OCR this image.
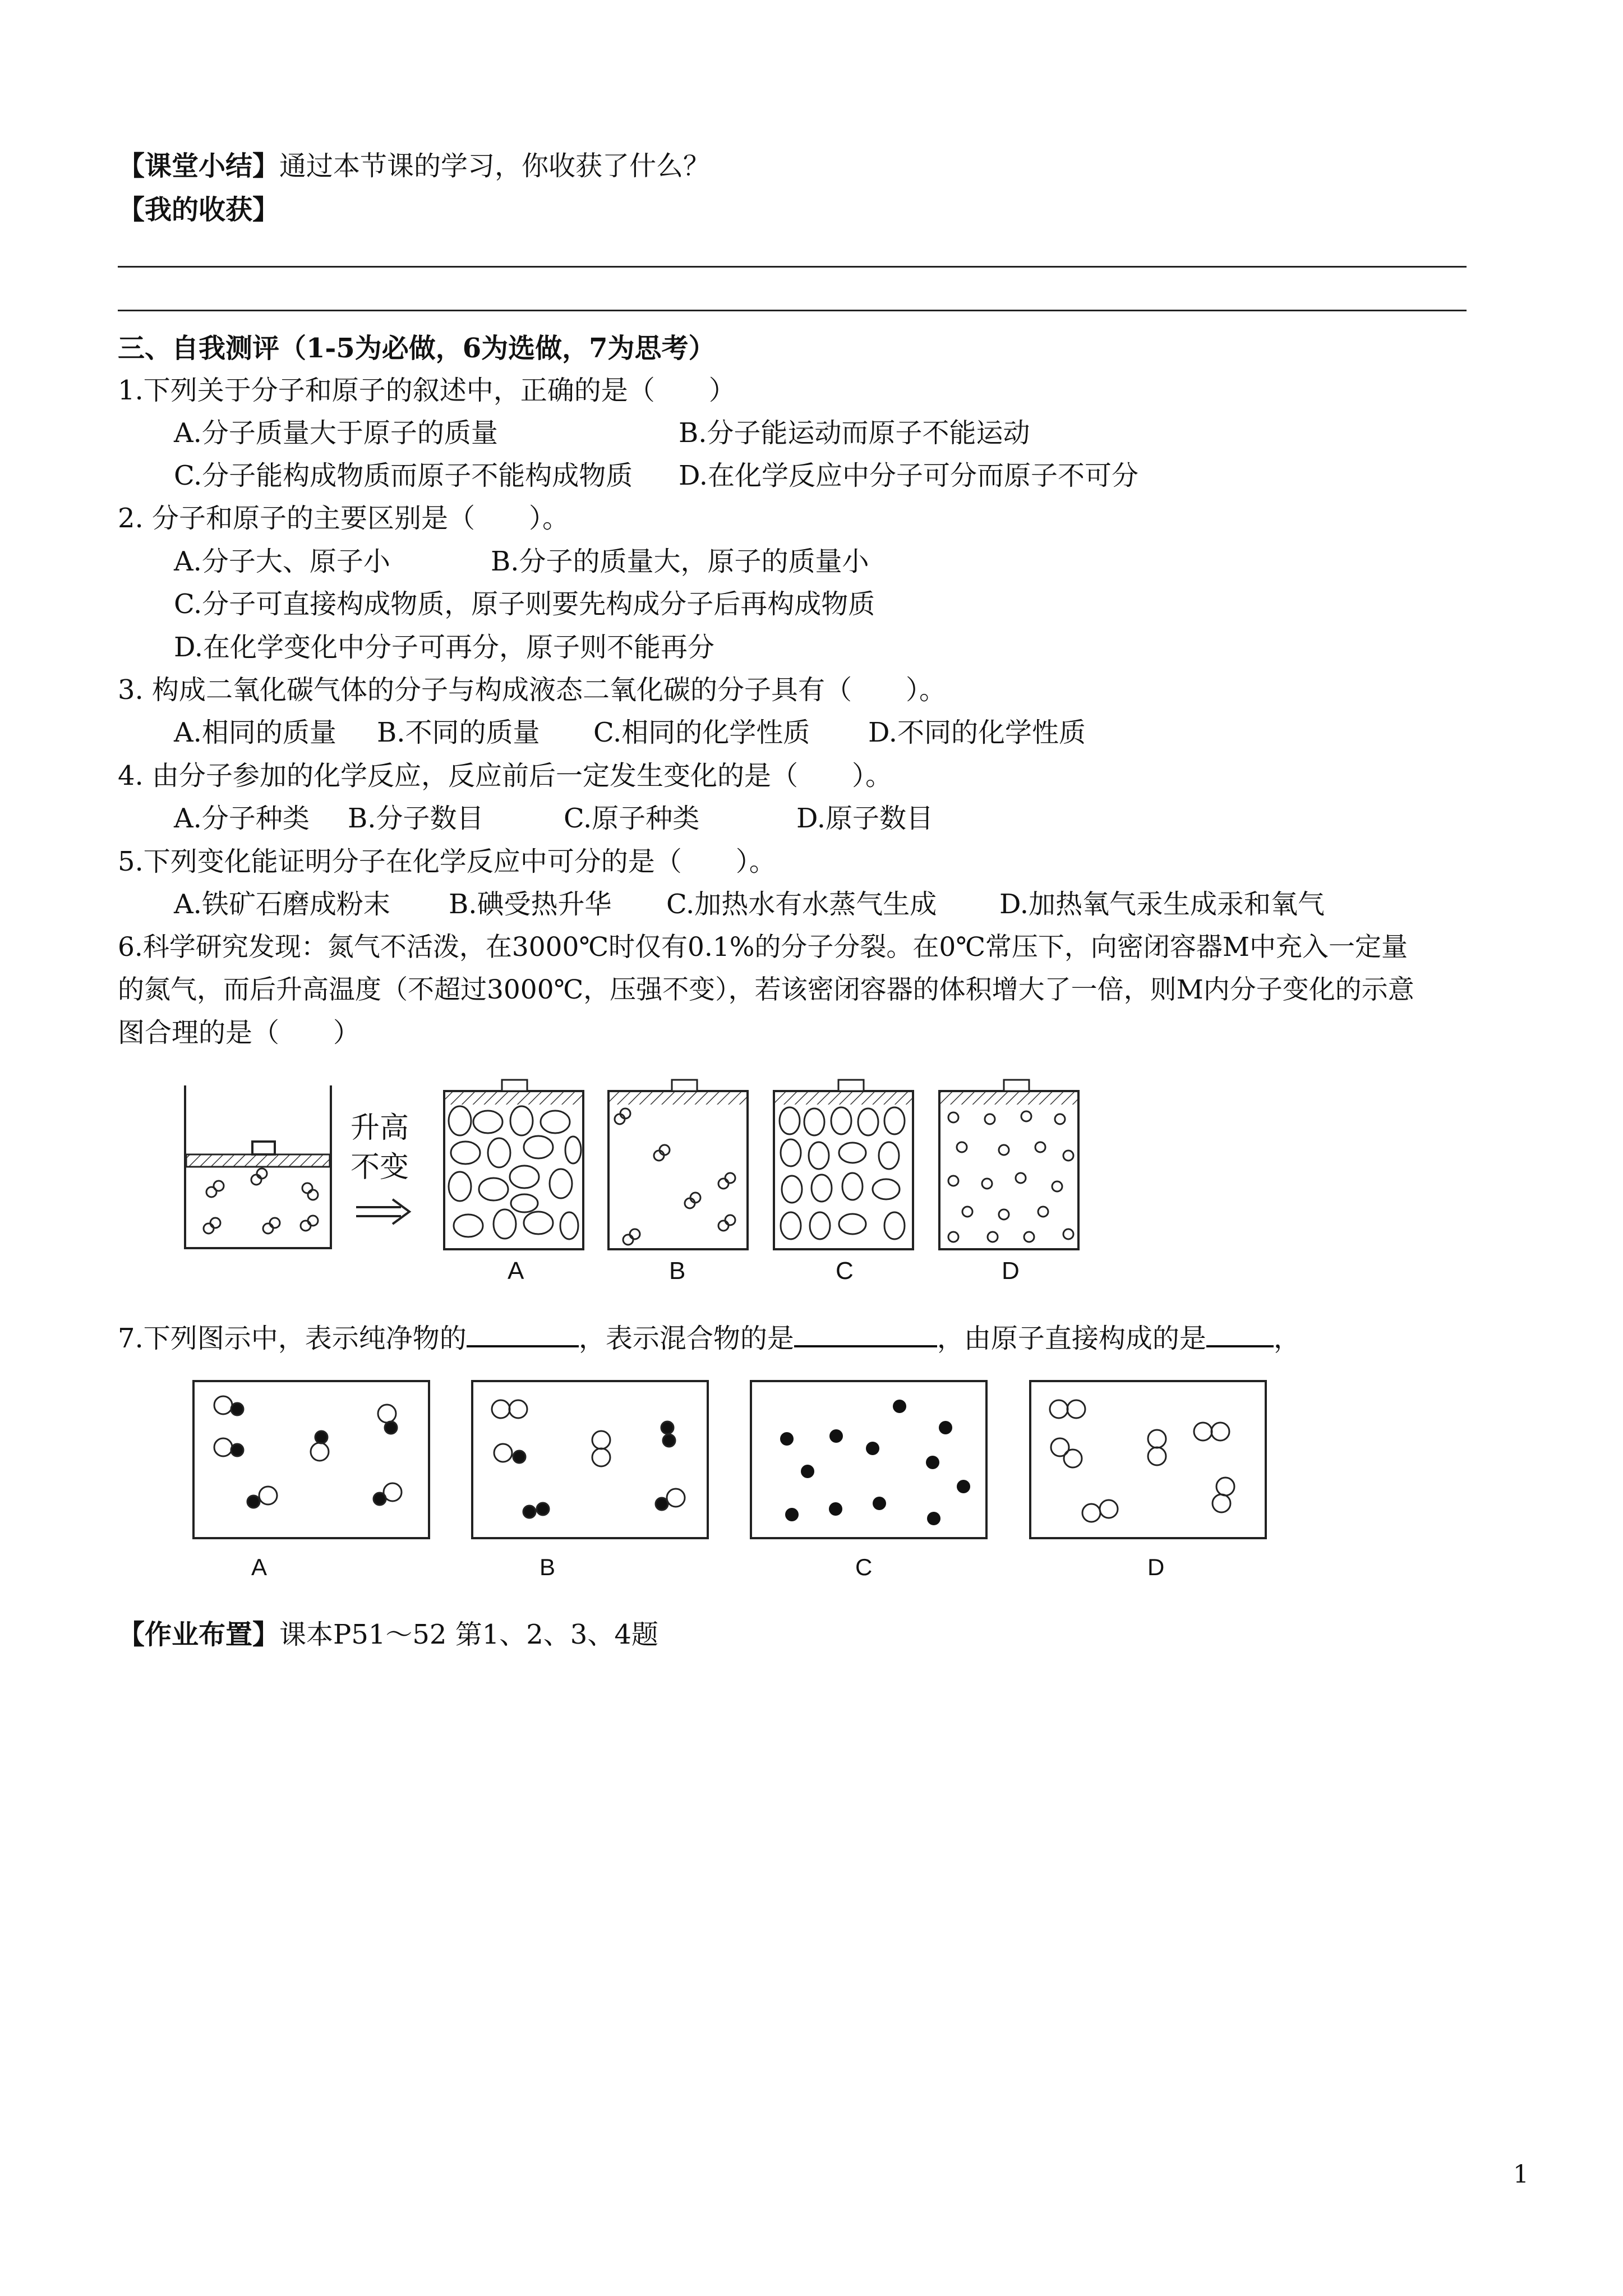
【课堂小结】通过本节课的学习，你收获了什么？
【我的收获】
三、自我测评（1-5为必做，6为选做，7为思考）
1.下列关于分子和原子的叙述中，正确的是（　　）
A.分子质量大于原子的质量	B.分子能运动而原子不能运动
C.分子能构成物质而原子不能构成物质 D.在化学反应中分子可分而原子不可分
2. 分子和原子的主要区别是（　　）。
A.分子大、原子小	B.分子的质量大，原子的质量小
C.分子可直接构成物质，原子则要先构成分子后再构成物质
D.在化学变化中分子可再分，原子则不能再分
3. 构成二氧化碳气体的分子与构成液态二氧化碳的分子具有（　　）。
A.相同的质量 B.不同的质量 C.相同的化学性质 D.不同的化学性质
4. 由分子参加的化学反应，反应前后一定发生变化的是（　　）。
A.分子种类 B.分子数目	C.原子种类	D.原子数目
5.下列变化能证明分子在化学反应中可分的是（　　）。
A.铁矿石磨成粉末 B.碘受热升华 C.加热水有水蒸气生成 D.加热氧气汞生成汞和氧气
6.科学研究发现：氮气不活泼，在3000℃时仅有0.1%的分子分裂。在0℃常压下，向密闭容器M中充入一定量
的氮气，而后升高温度（不超过3000℃，压强不变），若该密闭容器的体积增大了一倍，则M内分子变化的示意
图合理的是（　　）
升高
不变
A	B	C	D
7.下列图示中，表示纯净物的	，表示混合物的是	，由原子直接构成的是	，
A	B	C	D
【作业布置】课本P51～52 第1、2、3、4题
1
